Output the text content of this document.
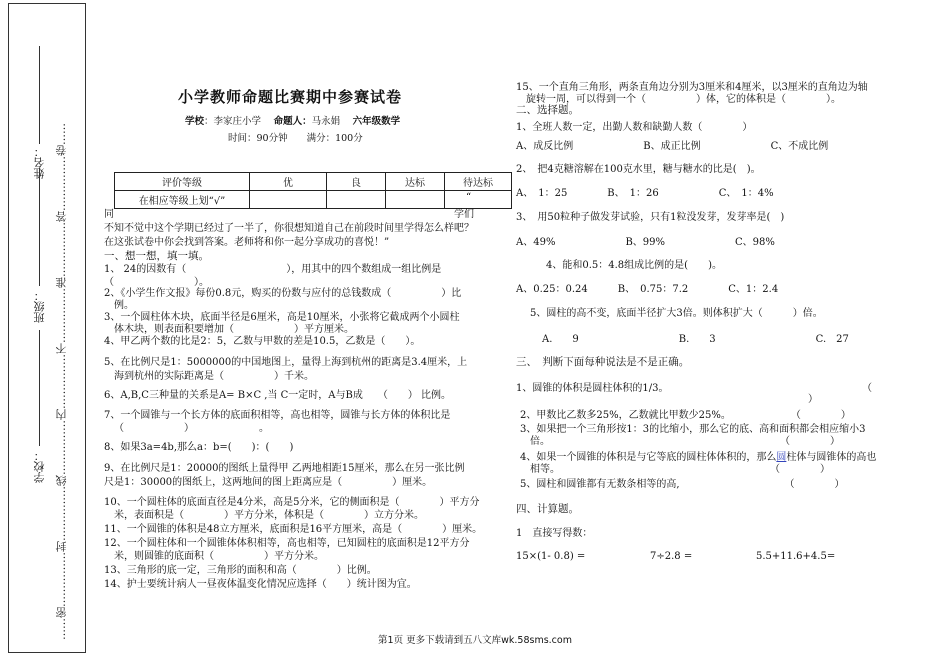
姓名：
班级：
学校： ……密……………封……………线……………内……………不……………准……………答……………卷……
小学教师命题比赛期中参赛试卷
学校：李家庄小学　 命题人：马永娟　 六年级数学
时间：90分钟　　满分：100分
评价等级	优	良	达标	待达标
在相应等级上划“√”					“
同	学们
不知不觉中这个学期已经过了一半了，你很想知道自己在前段时间里学得怎么样吧？
在这张试卷中你会找到答案。老师将和你一起分享成功的喜悦！”
一、想一想，填一填。
1、 24的因数有（　　　　　　　　　　），用其中的四个数组成一组比例是
（　　　　　　　　）。
2、《小学生作文报》每份0.8元，购买的份数与应付的总钱数成（　　　　　）比
例。
3、一个圆柱体木块，底面半径是6厘米，高是10厘米，小张将它截成两个小圆柱
体木块，则表面积要增加（　　　　　　）平方厘米。
4、甲乙两个数的比是2：5，乙数与甲数的差是10.5，乙数是（　　）。
5、在比例尺是1：5000000的中国地图上，量得上海到杭州的距离是3.4厘米，上
海到杭州的实际距离是（　　　　　）千米。
6、A,B,C三种量的关系是A= B×C ,当 C一定时，A与B成　　（　　） 比例。
7、一个圆锥与一个长方体的底面积相等，高也相等，圆锥与长方体的体积比是
（　　　　　　）　　　　　　　。
8、如果3a=4b,那么a：b=(　　)：(　　)
9、在比例尺是1：20000的图纸上量得甲 乙两地相距15厘米，那么在另一张比例
尺是1：30000的图纸上，这两地间的图上距离应是（　　　　　）厘米。
10、一个圆柱体的底面直径是4分米，高是5分米，它的侧面积是（　　　　）平方分
米，表面积是（　　　　）平方分米，体积是（　　　　）立方分米。
11、一个圆锥的体积是48立方厘米，底面积是16平方厘米，高是（　　　　）厘米。
12、一个圆柱体和一个圆锥体体积相等，高也相等，已知圆柱的底面积是12平方分
米，则圆锥的底面积（　　　　　）平方分米。
13、三角形的底一定，三角形的面积和高（　　　　）比例。
14、护士要统计病人一昼夜体温变化情况应选择（　　）统计图为宜。
15、一个直角三角形，两条直角边分别为3厘米和4厘米，以3厘米的直角边为轴
旋转一周，可以得到一个（　　　　　）体，它的体积是（　　　　）。
二、选择题。
1、全班人数一定，出勤人数和缺勤人数（　　　　）
A、成反比例　　　　　　　B、成正比例　　　　　　　C、不成比例
2、　把4克糖溶解在100克水里，糖与糖水的比是(　)。
A、　1：25　　　　B、　1：26　　　　　　C、　1：4%
3、　用50粒种子做发芽试验，只有1粒没发芽，发芽率是(　)
A、49%　　　　　　　B、99%　　　　　　　C、98%
4、能和0.5：4.8组成比例的是(　　)。
A、0.25：0.24　　　B、　0.75：7.2　　　　C、1：2.4
5、圆柱的高不变，底面半径扩大3倍。则体积扩大（　　　）倍。
A.　　9　　　　　　　　　　B.　　3　　　　　　　　　　C.　27
三、　判断下面每种说法是不是正确。
1、圆锥的体积是圆柱体积的1/3。	（
）
2、甲数比乙数多25%，乙数就比甲数少25%。　　　　　　　（　　　　）
3、如果把一个三角形按1：3的比缩小，那么它的底、高和面积都会相应缩小3
倍。　　　　　　　　　　　　　　　　　　　　　　　　（　　　　）
4、如果一个圆锥的体积是与它等底的圆柱体体积的，那么圆柱体与圆锥体的高也
相等。　　　　　　　　　　　　　　　　　　　　　　（　　　　）
5、圆柱和圆锥都有无数条相等的高,　　　　　　　　　　　（　　　　）
四、计算题。
1　直接写得数：
15×(1- 0.8) =	7÷2.8 =	5.5+11.6+4.5=
第1页 更多下载请到五八文库wk.58sms.com
